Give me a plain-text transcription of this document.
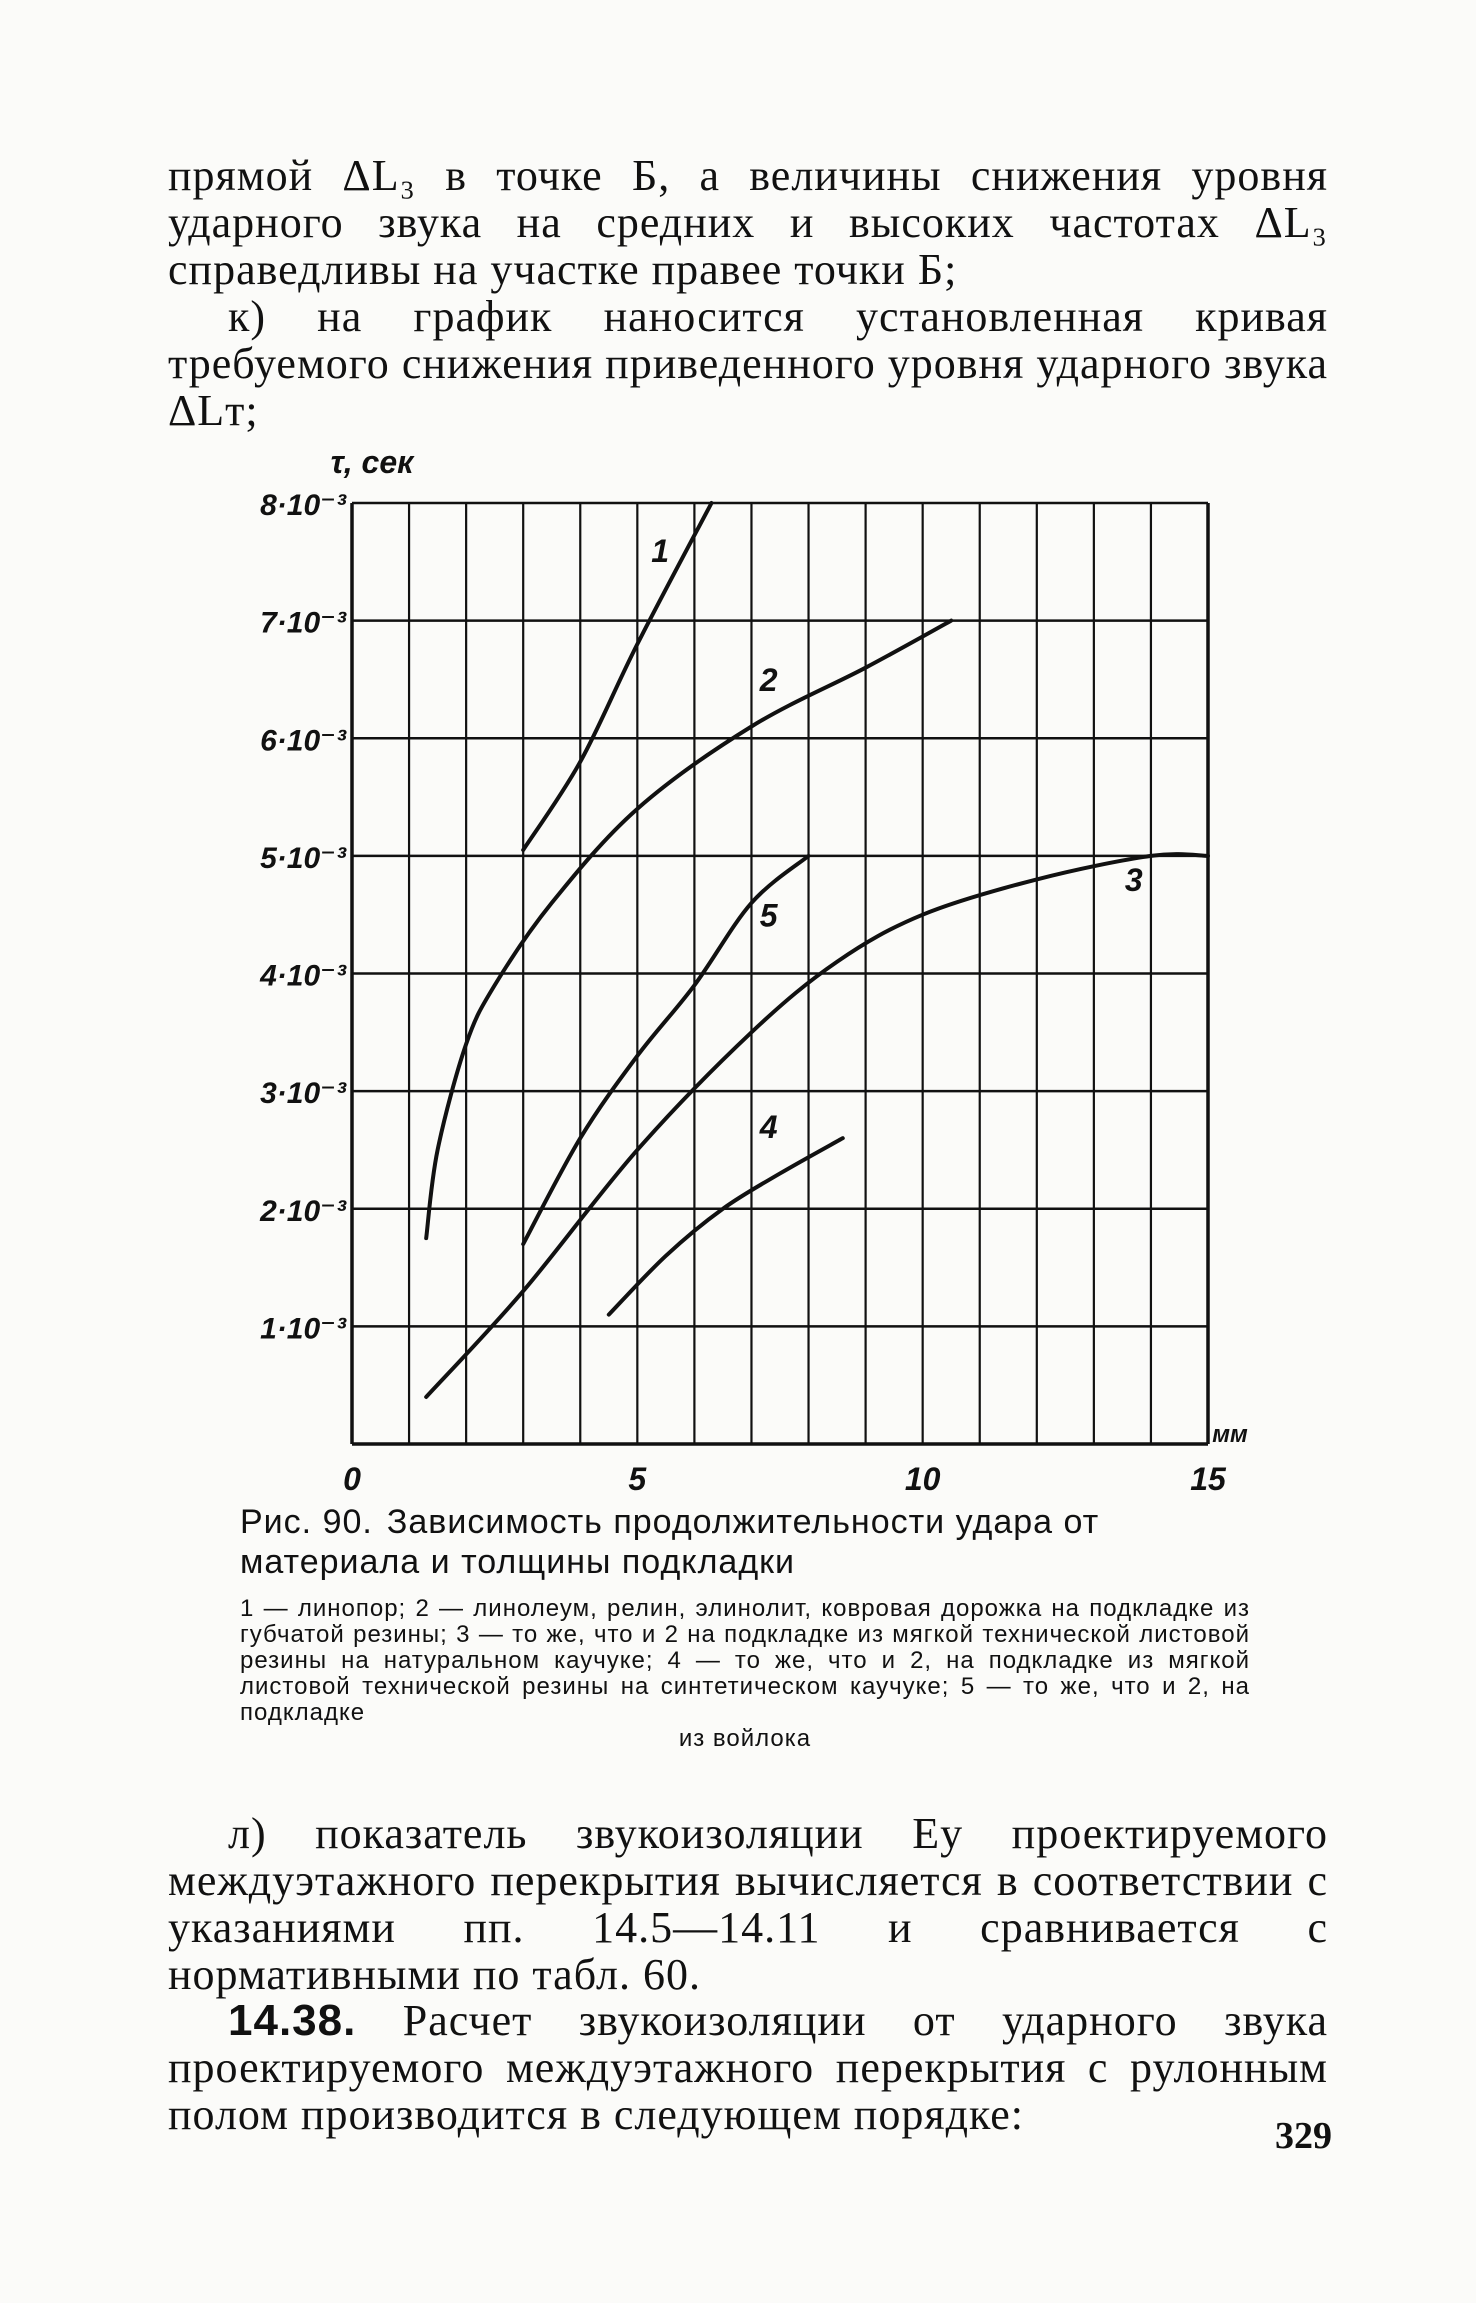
прямой ΔL₃ в точке Б, а величины снижения уровня ударного звука на средних и высоких частотах ΔL₃ справедливы на участке правее точки Б;

к) на график наносится установленная кривая требуемого снижения приведенного уровня ударного звука ΔLт;

1·10⁻³
2·10⁻³
3·10⁻³
4·10⁻³
5·10⁻³
6·10⁻³
7·10⁻³
8·10⁻³
0	5	10	15
τ, сек
мм
1
2
3
4
5
Рис. 90. Зависимость продолжительности удара от материала и толщины подкладки

1 — линопор; 2 — линолеум, релин, элинолит, ковровая дорожка на подкладке из губчатой резины; 3 — то же, что и 2 на подкладке из мягкой технической листовой резины на натуральном каучуке; 4 — то же, что и 2, на подкладке из мягкой листовой технической резины на синтетическом каучуке; 5 — то же, что и 2, на подкладке
из войлока

л) показатель звукоизоляции Eу проектируемого междуэтажного перекрытия вычисляется в соответствии с указаниями пп. 14.5—14.11 и сравнивается с нормативными по табл. 60.

14.38. Расчет звукоизоляции от ударного звука проектируемого междуэтажного перекрытия с рулонным полом производится в следующем порядке:	329
